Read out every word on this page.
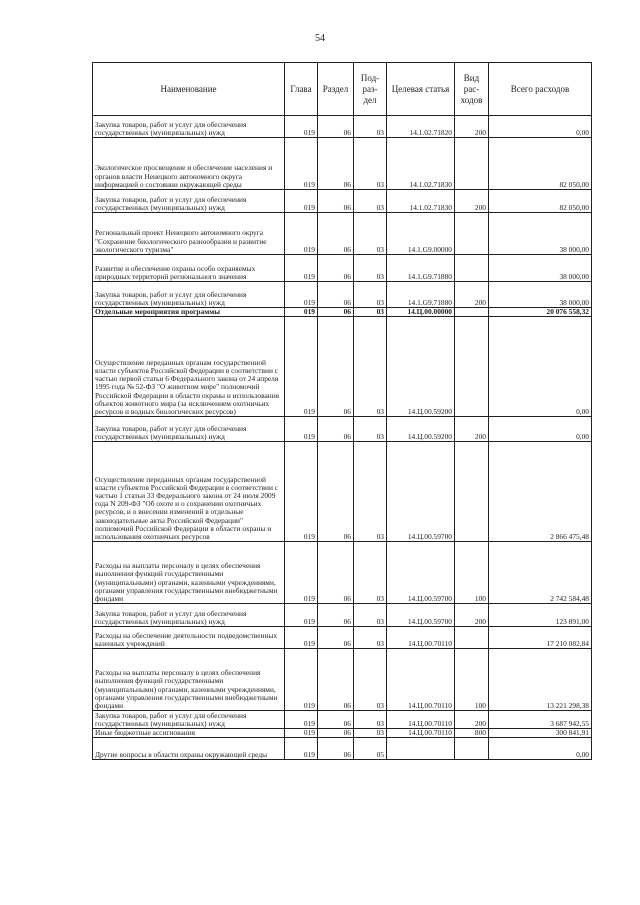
54
Наименование	Глава	Раздел	Под-раз-дел	Целевая статья	Вид рас-ходов	Всего расходов
Закупка товаров, работ и услуг для обеспечения государственных (муниципальных) нужд	019	06	03	14.1.02.71820	200	0,00
Экологическое просвещение и обеспечение населения и органов власти Ненецкого автономного округа информацией о состоянии окружающей среды	019	06	03	14.1.02.71830		82 050,00
Закупка товаров, работ и услуг для обеспечения государственных (муниципальных) нужд	019	06	03	14.1.02.71830	200	82 050,00
Региональный проект Ненецкого автономного округа "Сохранение биологического разнообразия и развитие экологического туризма"	019	06	03	14.1.G9.00000		38 000,00
Развитие и обеспечение охраны особо охраняемых природных территорий регионального значения	019	06	03	14.1.G9.71880		38 000,00
Закупка товаров, работ и услуг для обеспечения государственных (муниципальных) нужд	019	06	03	14.1.G9.71880	200	38 000,00
Отдельные мероприятия программы	019	06	03	14.Ц.00.00000		20 076 558,32
Осуществление переданных органам государственной власти субъектов Российской Федерации в соответствии с частью первой статьи 6 Федерального закона от 24 апреля 1995 года № 52-ФЗ "О животном мире" полномочий Российской Федерации в области охраны и использования объектов животного мира (за исключением охотничьих ресурсов и водных биологических ресурсов)	019	06	03	14.Ц.00.59200		0,00
Закупка товаров, работ и услуг для обеспечения государственных (муниципальных) нужд	019	06	03	14.Ц.00.59200	200	0,00
Осуществление переданных органам государственной власти субъектов Российской Федерации в соответствии с частью 1 статьи 33 Федерального закона от 24 июля 2009 года N 209-ФЗ "Об охоте и о сохранении охотничьих ресурсов, и о внесении изменений в отдельные законодательные акты Российской Федерации" полномочий Российской Федерации в области охраны и использования охотничьих ресурсов	019	06	03	14.Ц.00.59700		2 866 475,48
Расходы на выплаты персоналу в целях обеспечения выполнения функций государственными (муниципальными) органами, казенными учреждениями, органами управления государственными внебюджетными фондами	019	06	03	14.Ц.00.59700	100	2 742 584,48
Закупка товаров, работ и услуг для обеспечения государственных (муниципальных) нужд	019	06	03	14.Ц.00.59700	200	123 891,00
Расходы на обеспечение деятельности подведомственных казенных учреждений	019	06	03	14.Ц.00.70110		17 210 082,84
Расходы на выплаты персоналу в целях обеспечения выполнения функций государственными (муниципальными) органами, казенными учреждениями, органами управления государственными внебюджетными фондами	019	06	03	14.Ц.00.70110	100	13 221 298,38
Закупка товаров, работ и услуг для обеспечения государственных (муниципальных) нужд	019	06	03	14.Ц.00.70110	200	3 687 942,55
Иные бюджетные ассигнования	019	06	03	14.Ц.00.70110	800	300 841,91
Другие вопросы в области охраны окружающей среды	019	06	05			0,00
